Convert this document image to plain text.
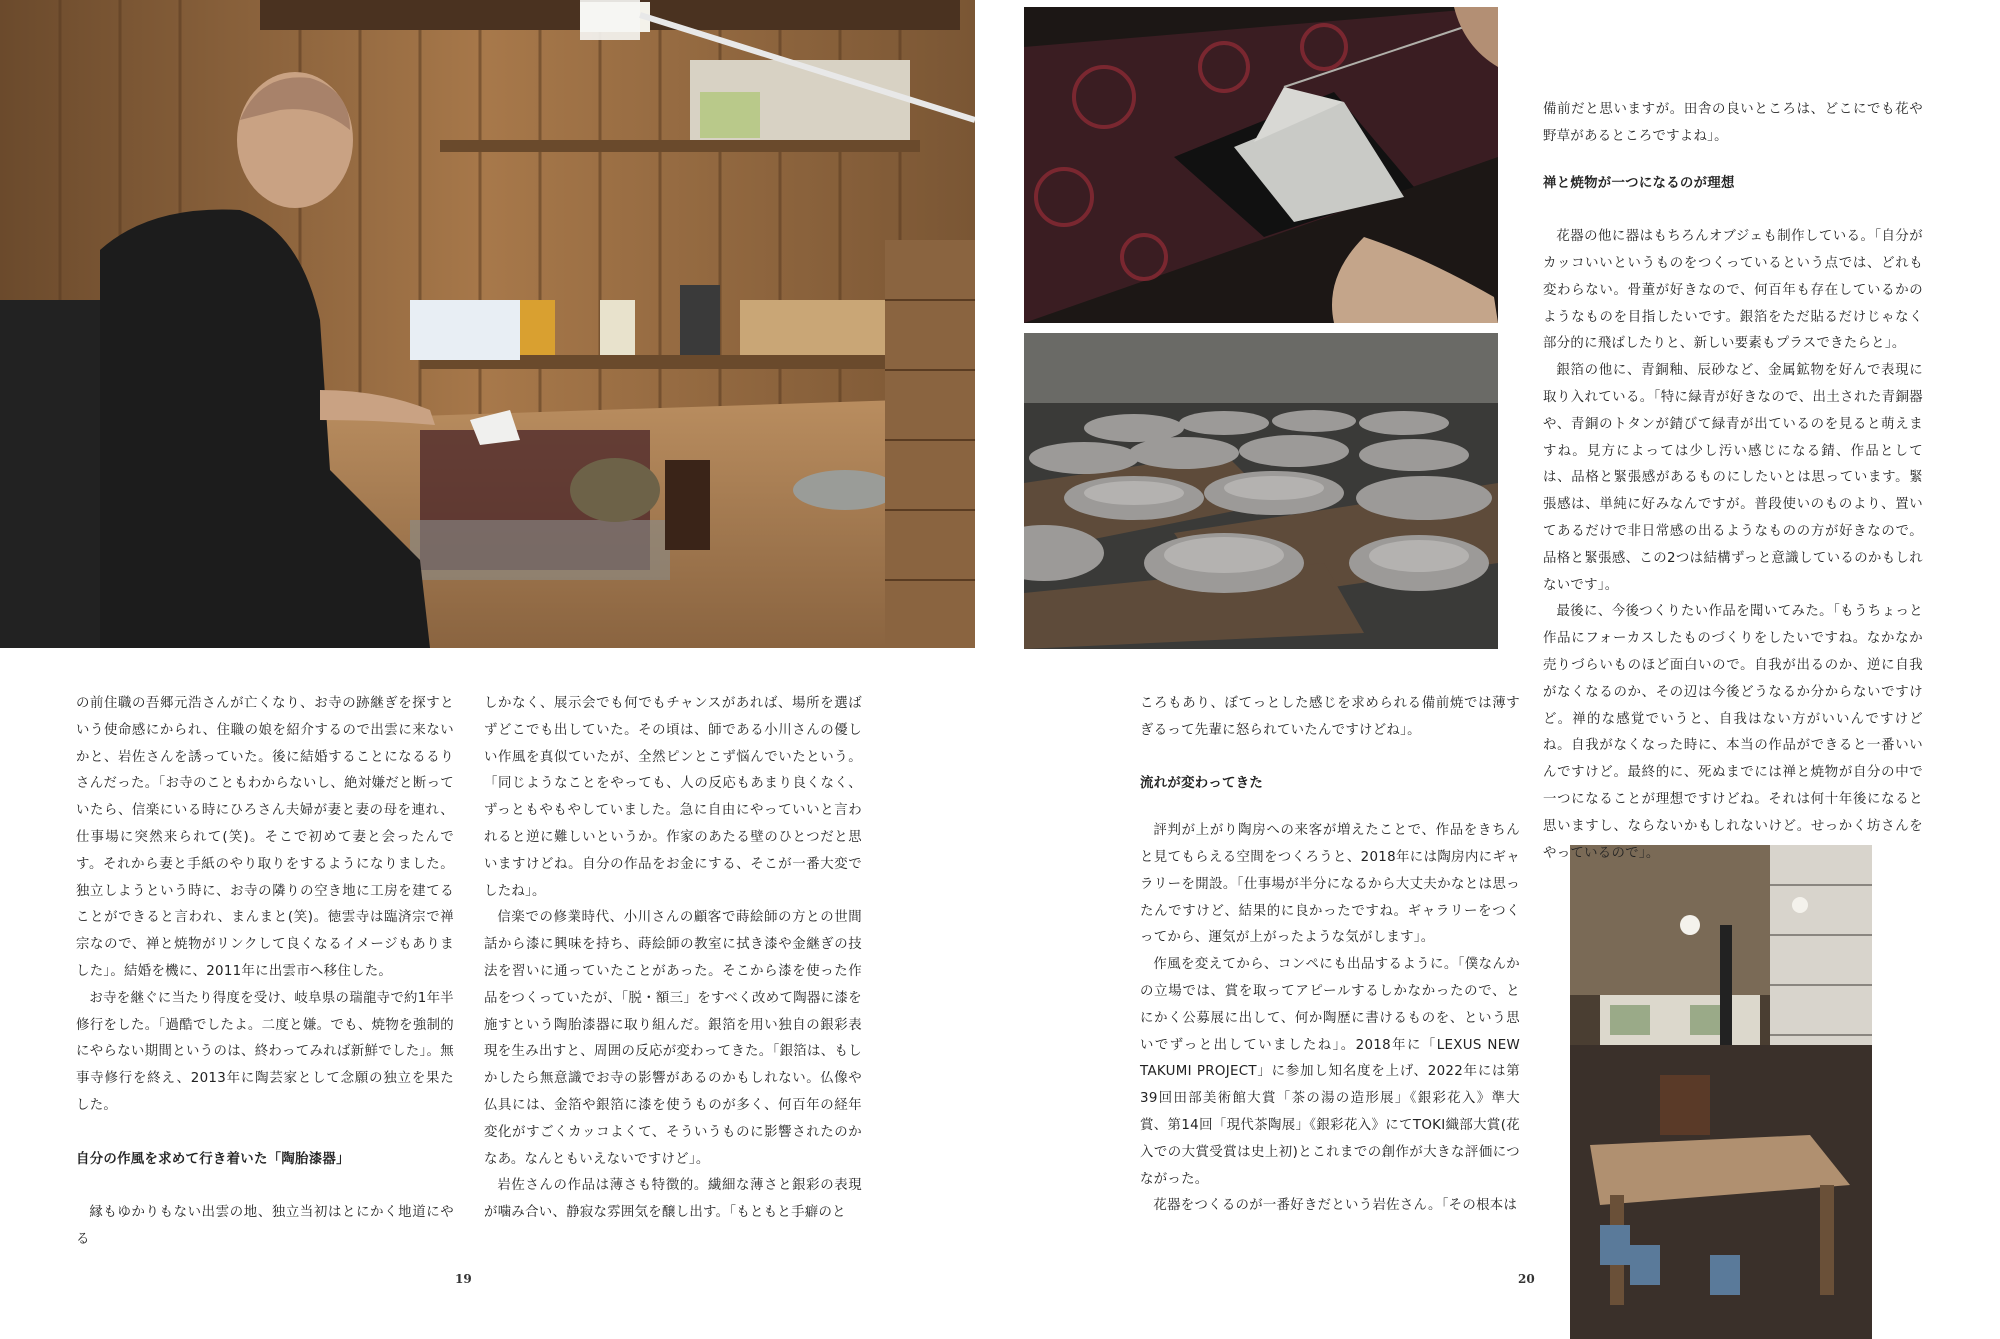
の前住職の吾郷元浩さんが亡くなり、お寺の跡継ぎを探すという使命感にかられ、住職の娘を紹介するので出雲に来ないかと、岩佐さんを誘っていた。後に結婚することになるるりさんだった。「お寺のこともわからないし、絶対嫌だと断っていたら、信楽にいる時にひろさん夫婦が妻と妻の母を連れ、仕事場に突然来られて(笑)。そこで初めて妻と会ったんです。それから妻と手紙のやり取りをするようになりました。独立しようという時に、お寺の隣りの空き地に工房を建てることができると言われ、まんまと(笑)。徳雲寺は臨済宗で禅宗なので、禅と焼物がリンクして良くなるイメージもありました」。結婚を機に、2011年に出雲市へ移住した。

お寺を継ぐに当たり得度を受け、岐阜県の瑞龍寺で約1年半修行をした。「過酷でしたよ。二度と嫌。でも、焼物を強制的にやらない期間というのは、終わってみれば新鮮でした」。無事寺修行を終え、2013年に陶芸家として念願の独立を果たした。

自分の作風を求めて行き着いた「陶胎漆器」

縁もゆかりもない出雲の地、独立当初はとにかく地道にやる

しかなく、展示会でも何でもチャンスがあれば、場所を選ばずどこでも出していた。その頃は、師である小川さんの優しい作風を真似ていたが、全然ピンとこず悩んでいたという。「同じようなことをやっても、人の反応もあまり良くなく、ずっともやもやしていました。急に自由にやっていいと言われると逆に難しいというか。作家のあたる壁のひとつだと思いますけどね。自分の作品をお金にする、そこが一番大変でしたね」。

信楽での修業時代、小川さんの顧客で蒔絵師の方との世間話から漆に興味を持ち、蒔絵師の教室に拭き漆や金継ぎの技法を習いに通っていたことがあった。そこから漆を使った作品をつくっていたが、「脱・額三」をすべく改めて陶器に漆を施すという陶胎漆器に取り組んだ。銀箔を用い独自の銀彩表現を生み出すと、周囲の反応が変わってきた。「銀箔は、もしかしたら無意識でお寺の影響があるのかもしれない。仏像や仏具には、金箔や銀箔に漆を使うものが多く、何百年の経年変化がすごくカッコよくて、そういうものに影響されたのかなあ。なんともいえないですけど」。

岩佐さんの作品は薄さも特徴的。繊細な薄さと銀彩の表現が噛み合い、静寂な雰囲気を醸し出す。「もともと手癖のと

ころもあり、ぼてっとした感じを求められる備前焼では薄すぎるって先輩に怒られていたんですけどね」。

流れが変わってきた

評判が上がり陶房への来客が増えたことで、作品をきちんと見てもらえる空間をつくろうと、2018年には陶房内にギャラリーを開設。「仕事場が半分になるから大丈夫かなとは思ったんですけど、結果的に良かったですね。ギャラリーをつくってから、運気が上がったような気がします」。

作風を変えてから、コンペにも出品するように。「僕なんかの立場では、賞を取ってアピールするしかなかったので、とにかく公募展に出して、何か陶歴に書けるものを、という思いでずっと出していましたね」。2018年に「LEXUS NEW TAKUMI PROJECT」に参加し知名度を上げ、2022年には第39回田部美術館大賞「茶の湯の造形展」《銀彩花入》準大賞、第14回「現代茶陶展」《銀彩花入》にてTOKI織部大賞(花入での大賞受賞は史上初)とこれまでの創作が大きな評価につながった。

花器をつくるのが一番好きだという岩佐さん。「その根本は

備前だと思いますが。田舎の良いところは、どこにでも花や野草があるところですよね」。

禅と焼物が一つになるのが理想

花器の他に器はもちろんオブジェも制作している。「自分がカッコいいというものをつくっているという点では、どれも変わらない。骨董が好きなので、何百年も存在しているかのようなものを目指したいです。銀箔をただ貼るだけじゃなく部分的に飛ばしたりと、新しい要素もプラスできたらと」。

銀箔の他に、青銅釉、辰砂など、金属鉱物を好んで表現に取り入れている。「特に緑青が好きなので、出土された青銅器や、青銅のトタンが錆びて緑青が出ているのを見ると萌えますね。見方によっては少し汚い感じになる錆、作品としては、品格と緊張感があるものにしたいとは思っています。緊張感は、単純に好みなんですが。普段使いのものより、置いてあるだけで非日常感の出るようなものの方が好きなので。品格と緊張感、この2つは結構ずっと意識しているのかもしれないです」。

最後に、今後つくりたい作品を聞いてみた。「もうちょっと作品にフォーカスしたものづくりをしたいですね。なかなか売りづらいものほど面白いので。自我が出るのか、逆に自我がなくなるのか、その辺は今後どうなるか分からないですけど。禅的な感覚でいうと、自我はない方がいいんですけどね。自我がなくなった時に、本当の作品ができると一番いいんですけど。最終的に、死ぬまでには禅と焼物が自分の中で一つになることが理想ですけどね。それは何十年後になると思いますし、ならないかもしれないけど。せっかく坊さんをやっているので」。

19	20
